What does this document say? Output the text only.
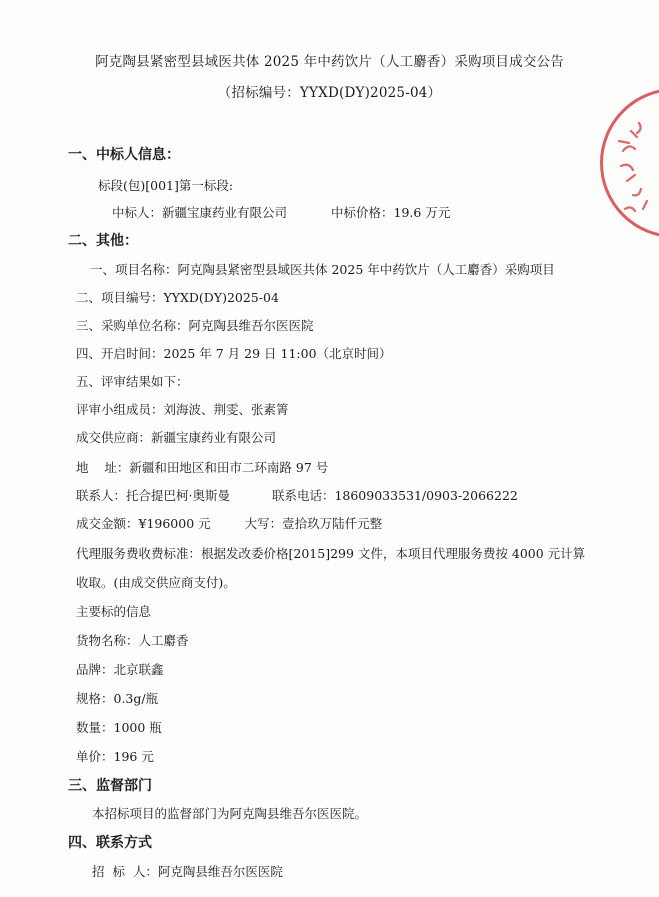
阿克陶县紧密型县域医共体 2025 年中药饮片（人工麝香）采购项目成交公告
（招标编号：YYXD(DY)2025-04）
一、中标人信息：
标段(包)[001]第一标段:
中标人：新疆宝康药业有限公司	中标价格：19.6 万元
二、其他：
一、项目名称：阿克陶县紧密型县域医共体 2025 年中药饮片（人工麝香）采购项目
二、项目编号：YYXD(DY)2025-04
三、采购单位名称：阿克陶县维吾尔医医院
四、开启时间：2025 年 7 月 29 日 11:00（北京时间）
五、评审结果如下：
评审小组成员：刘海波、荆雯、张素箐
成交供应商：新疆宝康药业有限公司
地    址：新疆和田地区和田市二环南路 97 号
联系人：托合提巴柯·奥斯曼	联系电话：18609033531/0903-2066222
成交金额：¥196000 元	大写：壹拾玖万陆仟元整
代理服务费收费标准：根据发改委价格[2015]299 文件，本项目代理服务费按 4000 元计算
收取。(由成交供应商支付)。
主要标的信息
货物名称：人工麝香
品牌：北京联鑫
规格：0.3g/瓶
数量：1000 瓶
单价：196 元
三、监督部门
本招标项目的监督部门为阿克陶县维吾尔医医院。
四、联系方式
招  标  人：阿克陶县维吾尔医医院
